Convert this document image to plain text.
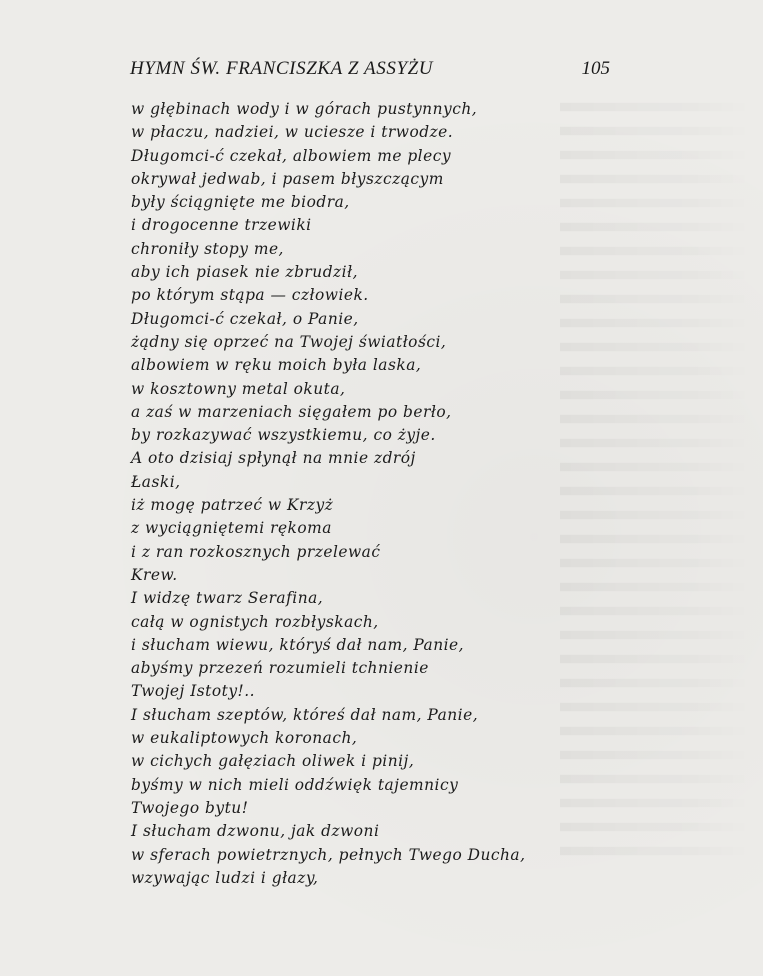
HYMN ŚW. FRANCISZKA Z ASSYŻU	105
w głębinach wody i w górach pustynnych,
w płaczu, nadziei, w uciesze i trwodze.
Długomci-ć czekał, albowiem me plecy
okrywał jedwab, i pasem błyszczącym
były ściągnięte me biodra,
i drogocenne trzewiki
chroniły stopy me,
aby ich piasek nie zbrudził,
po którym stąpa — człowiek.
Długomci-ć czekał, o Panie,
żądny się oprzeć na Twojej światłości,
albowiem w ręku moich była laska,
w kosztowny metal okuta,
a zaś w marzeniach sięgałem po berło,
by rozkazywać wszystkiemu, co żyje.
A oto dzisiaj spłynął na mnie zdrój
Łaski,
iż mogę patrzeć w Krzyż
z wyciągniętemi rękoma
i z ran rozkosznych przelewać
Krew.
I widzę twarz Serafina,
całą w ognistych rozbłyskach,
i słucham wiewu, któryś dał nam, Panie,
abyśmy przezeń rozumieli tchnienie
Twojej Istoty!..
I słucham szeptów, któreś dał nam, Panie,
w eukaliptowych koronach,
w cichych gałęziach oliwek i pinij,
byśmy w nich mieli oddźwięk tajemnicy
Twojego bytu!
I słucham dzwonu, jak dzwoni
w sferach powietrznych, pełnych Twego Ducha,
wzywając ludzi i głazy,
